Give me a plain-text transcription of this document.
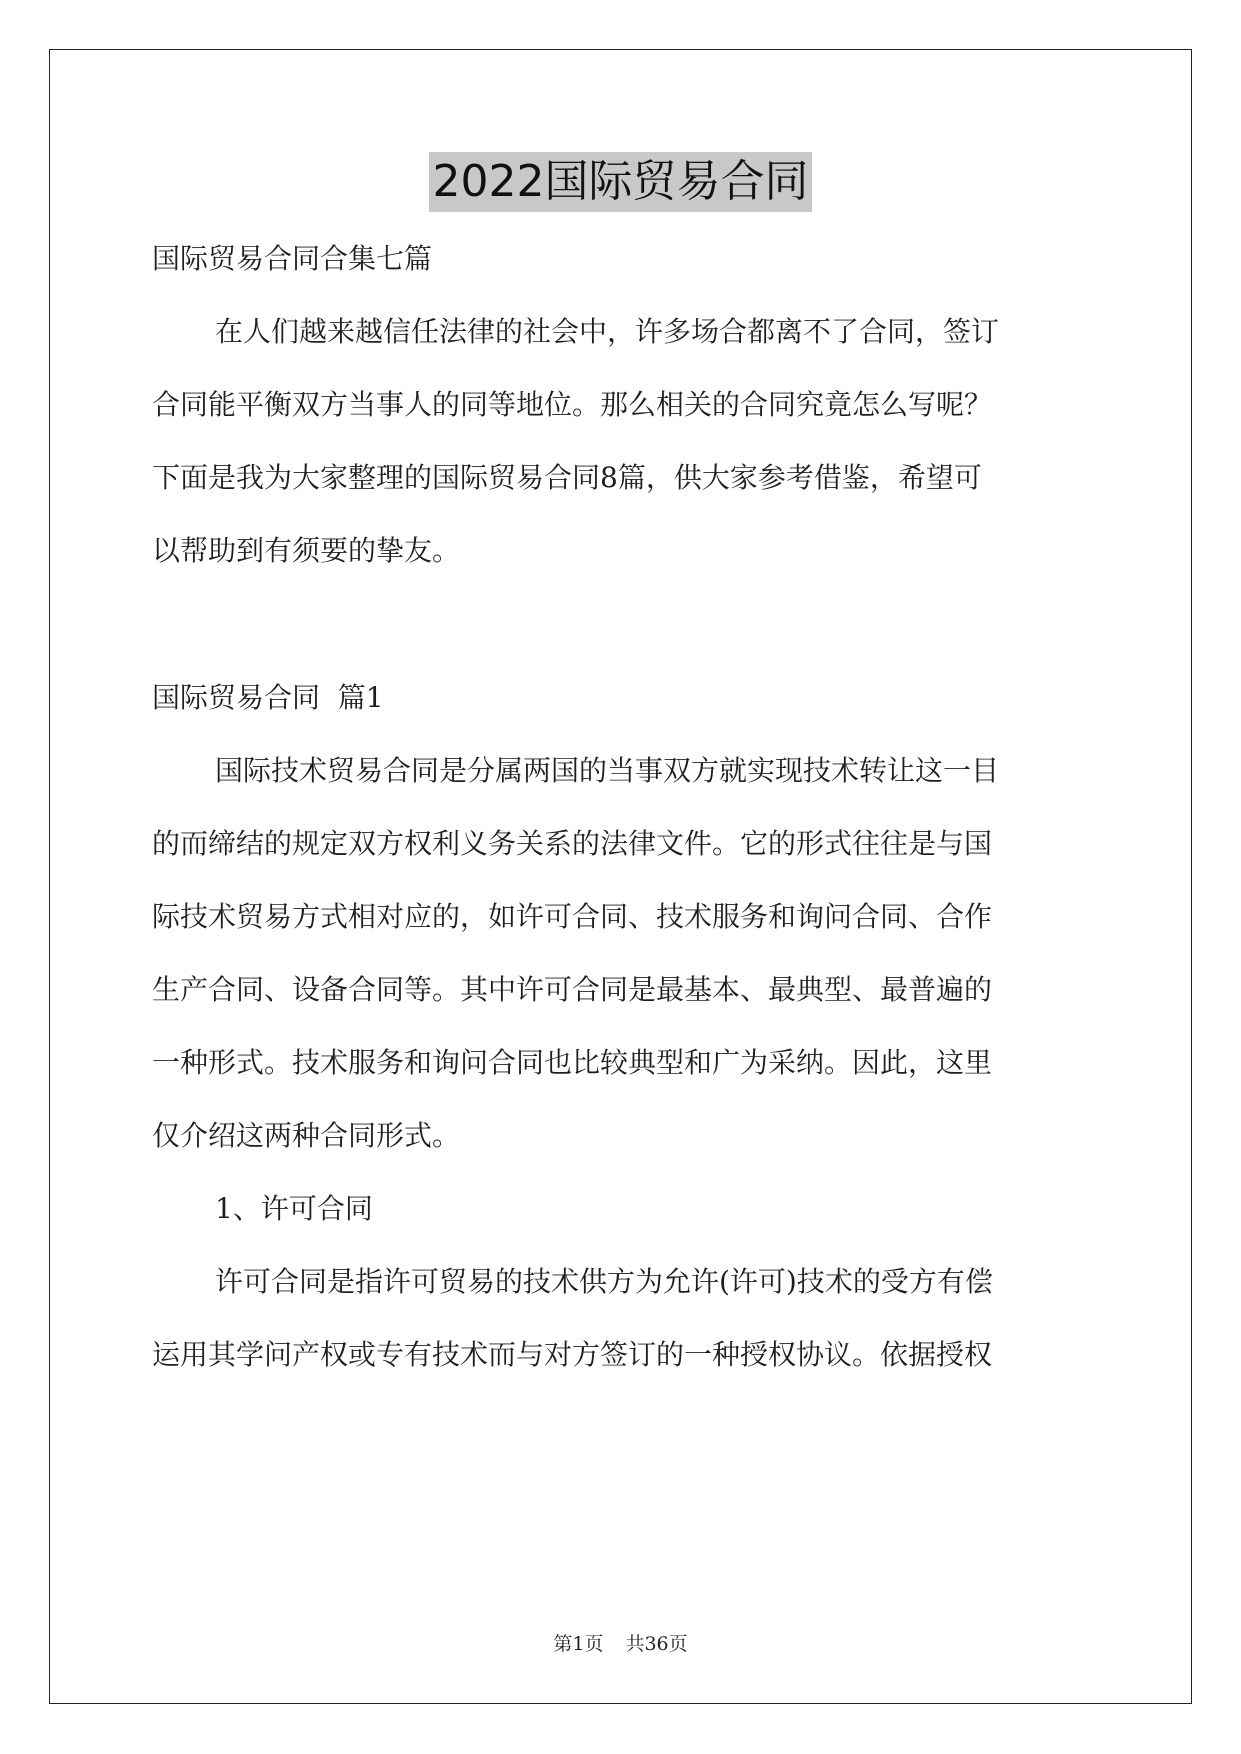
2022国际贸易合同
国际贸易合同合集七篇
在人们越来越信任法律的社会中，许多场合都离不了合同，签订
合同能平衡双方当事人的同等地位。那么相关的合同究竟怎么写呢？
下面是我为大家整理的国际贸易合同8篇，供大家参考借鉴，希望可
以帮助到有须要的挚友。
国际贸易合同  篇1
国际技术贸易合同是分属两国的当事双方就实现技术转让这一目
的而缔结的规定双方权利义务关系的法律文件。它的形式往往是与国
际技术贸易方式相对应的，如许可合同、技术服务和询问合同、合作
生产合同、设备合同等。其中许可合同是最基本、最典型、最普遍的
一种形式。技术服务和询问合同也比较典型和广为采纳。因此，这里
仅介绍这两种合同形式。
1、许可合同
许可合同是指许可贸易的技术供方为允许(许可)技术的受方有偿
运用其学问产权或专有技术而与对方签订的一种授权协议。依据授权
第1页 共36页
